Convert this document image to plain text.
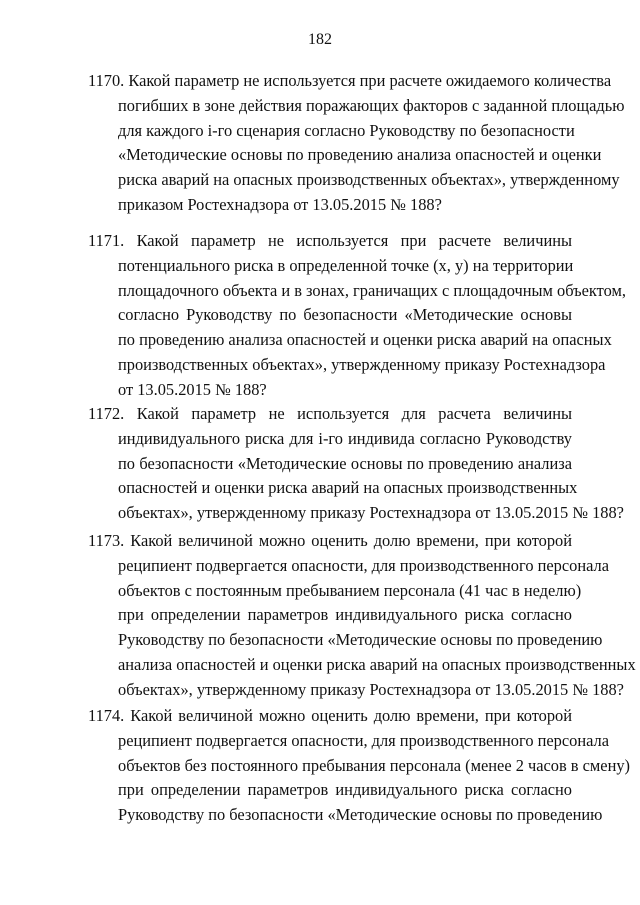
182
1170. Какой параметр не используется при расчете ожидаемого количества
погибших в зоне действия поражающих факторов с заданной площадью
для каждого i-го сценария согласно Руководству по безопасности
«Методические основы по проведению анализа опасностей и оценки
риска аварий на опасных производственных объектах», утвержденному
приказом Ростехнадзора от 13.05.2015 № 188?
1171. Какой параметр не используется при расчете величины
потенциального риска в определенной точке (x, y) на территории
площадочного объекта и в зонах, граничащих с площадочным объектом,
согласно Руководству по безопасности «Методические основы
по проведению анализа опасностей и оценки риска аварий на опасных
производственных объектах», утвержденному приказу Ростехнадзора
от 13.05.2015 № 188?
1172. Какой параметр не используется для расчета величины
индивидуального риска для i-го индивида согласно Руководству
по безопасности «Методические основы по проведению анализа
опасностей и оценки риска аварий на опасных производственных
объектах», утвержденному приказу Ростехнадзора от 13.05.2015 № 188?
1173. Какой величиной можно оценить долю времени, при которой
реципиент подвергается опасности, для производственного персонала
объектов с постоянным пребыванием персонала (41 час в неделю)
при определении параметров индивидуального риска согласно
Руководству по безопасности «Методические основы по проведению
анализа опасностей и оценки риска аварий на опасных производственных
объектах», утвержденному приказу Ростехнадзора от 13.05.2015 № 188?
1174. Какой величиной можно оценить долю времени, при которой
реципиент подвергается опасности, для производственного персонала
объектов без постоянного пребывания персонала (менее 2 часов в смену)
при определении параметров индивидуального риска согласно
Руководству по безопасности «Методические основы по проведению
